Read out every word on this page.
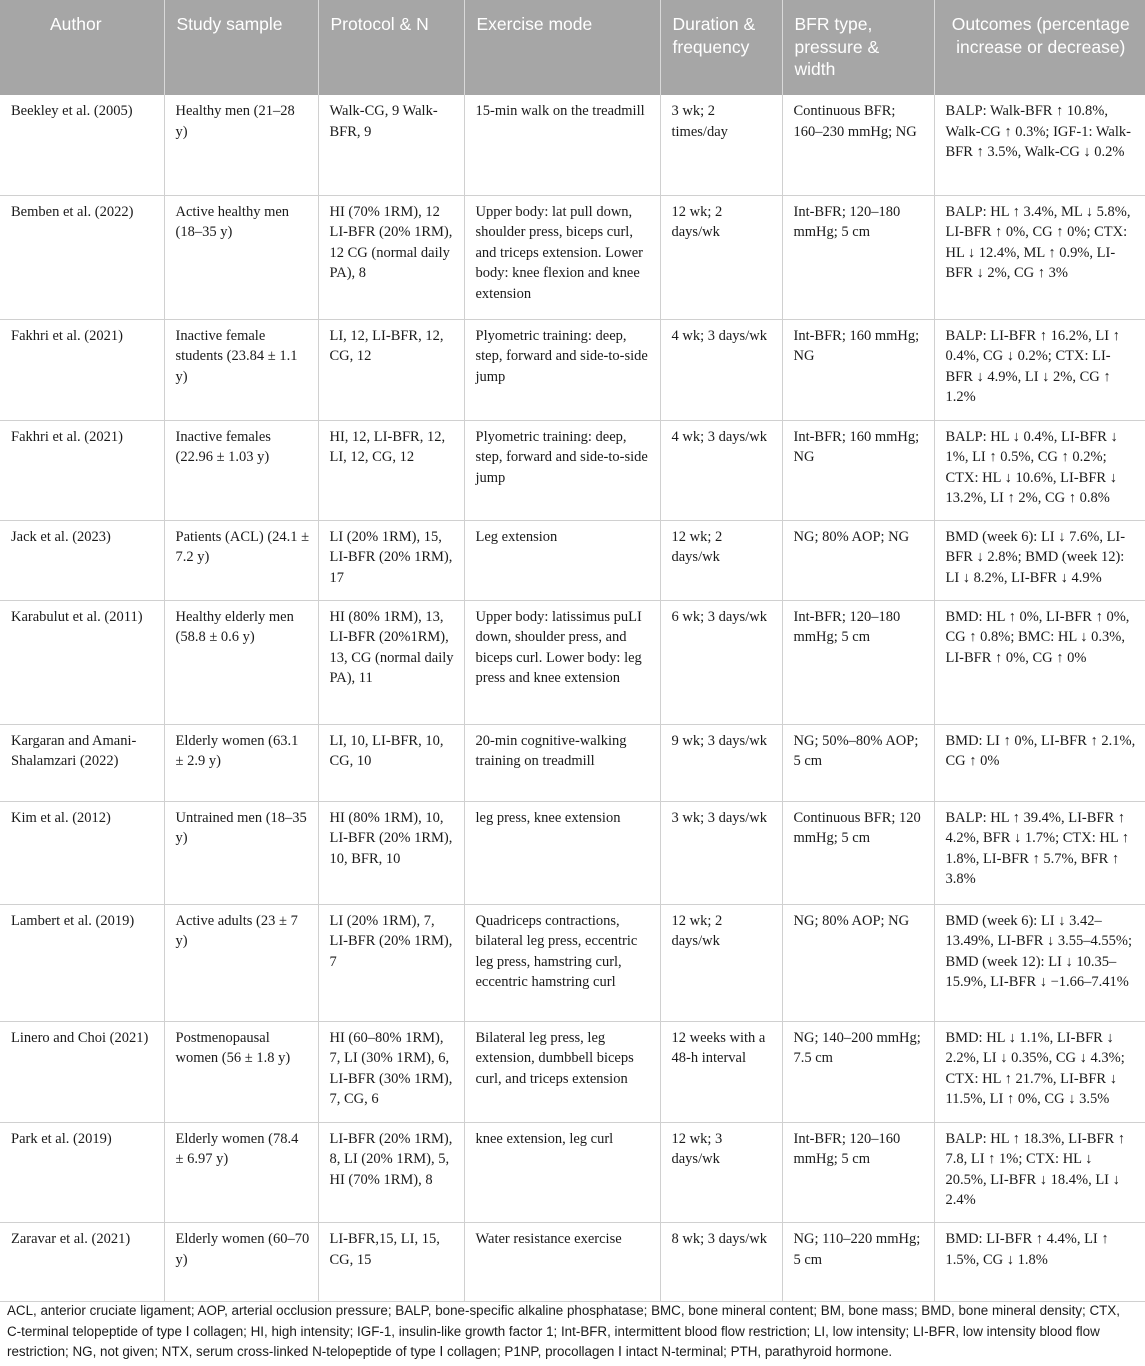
Author	Study sample	Protocol & N	Exercise mode	Duration & frequency	BFR type, pressure & width	Outcomes (percentage increase or decrease)
Beekley et al. (2005)	Healthy men (21–28 y)	Walk-CG, 9 Walk-BFR, 9	15-min walk on the treadmill	3 wk; 2 times/day	Continuous BFR; 160–230 mmHg; NG	BALP: Walk-BFR ↑ 10.8%, Walk-CG ↑ 0.3%; IGF-1: Walk-BFR ↑ 3.5%, Walk-CG ↓ 0.2%
Bemben et al. (2022)	Active healthy men (18–35 y)	HI (70% 1RM), 12 LI-BFR (20% 1RM), 12 CG (normal daily PA), 8	Upper body: lat pull down, shoulder press, biceps curl, and triceps extension. Lower body: knee flexion and knee extension	12 wk; 2 days/wk	Int-BFR; 120–180 mmHg; 5 cm	BALP: HL ↑ 3.4%, ML ↓ 5.8%, LI-BFR ↑ 0%, CG ↑ 0%; CTX: HL ↓ 12.4%, ML ↑ 0.9%, LI-BFR ↓ 2%, CG ↑ 3%
Fakhri et al. (2021)	Inactive female students (23.84 ± 1.1 y)	LI, 12, LI-BFR, 12, CG, 12	Plyometric training: deep, step, forward and side-to-side jump	4 wk; 3 days/wk	Int-BFR; 160 mmHg; NG	BALP: LI-BFR ↑ 16.2%, LI ↑ 0.4%, CG ↓ 0.2%; CTX: LI-BFR ↓ 4.9%, LI ↓ 2%, CG ↑ 1.2%
Fakhri et al. (2021)	Inactive females (22.96 ± 1.03 y)	HI, 12, LI-BFR, 12, LI, 12, CG, 12	Plyometric training: deep, step, forward and side-to-side jump	4 wk; 3 days/wk	Int-BFR; 160 mmHg; NG	BALP: HL ↓ 0.4%, LI-BFR ↓ 1%, LI ↑ 0.5%, CG ↑ 0.2%; CTX: HL ↓ 10.6%, LI-BFR ↓ 13.2%, LI ↑ 2%, CG ↑ 0.8%
Jack et al. (2023)	Patients (ACL) (24.1 ± 7.2 y)	LI (20% 1RM), 15, LI-BFR (20% 1RM), 17	Leg extension	12 wk; 2 days/wk	NG; 80% AOP; NG	BMD (week 6): LI ↓ 7.6%, LI-BFR ↓ 2.8%; BMD (week 12): LI ↓ 8.2%, LI-BFR ↓ 4.9%
Karabulut et al. (2011)	Healthy elderly men (58.8 ± 0.6 y)	HI (80% 1RM), 13, LI-BFR (20%1RM), 13, CG (normal daily PA), 11	Upper body: latissimus puLI down, shoulder press, and biceps curl. Lower body: leg press and knee extension	6 wk; 3 days/wk	Int-BFR; 120–180 mmHg; 5 cm	BMD: HL ↑ 0%, LI-BFR ↑ 0%, CG ↑ 0.8%; BMC: HL ↓ 0.3%, LI-BFR ↑ 0%, CG ↑ 0%
Kargaran and Amani-Shalamzari (2022)	Elderly women (63.1 ± 2.9 y)	LI, 10, LI-BFR, 10, CG, 10	20-min cognitive-walking training on treadmill	9 wk; 3 days/wk	NG; 50%–80% AOP; 5 cm	BMD: LI ↑ 0%, LI-BFR ↑ 2.1%, CG ↑ 0%
Kim et al. (2012)	Untrained men (18–35 y)	HI (80% 1RM), 10, LI-BFR (20% 1RM), 10, BFR, 10	leg press, knee extension	3 wk; 3 days/wk	Continuous BFR; 120 mmHg; 5 cm	BALP: HL ↑ 39.4%, LI-BFR ↑ 4.2%, BFR ↓ 1.7%; CTX: HL ↑ 1.8%, LI-BFR ↑ 5.7%, BFR ↑ 3.8%
Lambert et al. (2019)	Active adults (23 ± 7 y)	LI (20% 1RM), 7, LI-BFR (20% 1RM), 7	Quadriceps contractions, bilateral leg press, eccentric leg press, hamstring curl, eccentric hamstring curl	12 wk; 2 days/wk	NG; 80% AOP; NG	BMD (week 6): LI ↓ 3.42–13.49%, LI-BFR ↓ 3.55–4.55%; BMD (week 12): LI ↓ 10.35–15.9%, LI-BFR ↓ −1.66–7.41%
Linero and Choi (2021)	Postmenopausal women (56 ± 1.8 y)	HI (60–80% 1RM), 7, LI (30% 1RM), 6, LI-BFR (30% 1RM), 7, CG, 6	Bilateral leg press, leg extension, dumbbell biceps curl, and triceps extension	12 weeks with a 48-h interval	NG; 140–200 mmHg; 7.5 cm	BMD: HL ↓ 1.1%, LI-BFR ↓ 2.2%, LI ↓ 0.35%, CG ↓ 4.3%; CTX: HL ↑ 21.7%, LI-BFR ↓ 11.5%, LI ↑ 0%, CG ↓ 3.5%
Park et al. (2019)	Elderly women (78.4 ± 6.97 y)	LI-BFR (20% 1RM), 8, LI (20% 1RM), 5, HI (70% 1RM), 8	knee extension, leg curl	12 wk; 3 days/wk	Int-BFR; 120–160 mmHg; 5 cm	BALP: HL ↑ 18.3%, LI-BFR ↑ 7.8, LI ↑ 1%; CTX: HL ↓ 20.5%, LI-BFR ↓ 18.4%, LI ↓ 2.4%
Zaravar et al. (2021)	Elderly women (60–70 y)	LI-BFR,15, LI, 15, CG, 15	Water resistance exercise	8 wk; 3 days/wk	NG; 110–220 mmHg; 5 cm	BMD: LI-BFR ↑ 4.4%, LI ↑ 1.5%, CG ↓ 1.8%

ACL, anterior cruciate ligament; AOP, arterial occlusion pressure; BALP, bone-specific alkaline phosphatase; BMC, bone mineral content; BM, bone mass; BMD, bone mineral density; CTX, C-terminal telopeptide of type Ⅰ collagen; HI, high intensity; IGF-1, insulin-like growth factor 1; Int-BFR, intermittent blood flow restriction; LI, low intensity; LI-BFR, low intensity blood flow restriction; NG, not given; NTX, serum cross-linked N-telopeptide of type Ⅰ collagen; P1NP, procollagen Ⅰ intact N-terminal; PTH, parathyroid hormone.
